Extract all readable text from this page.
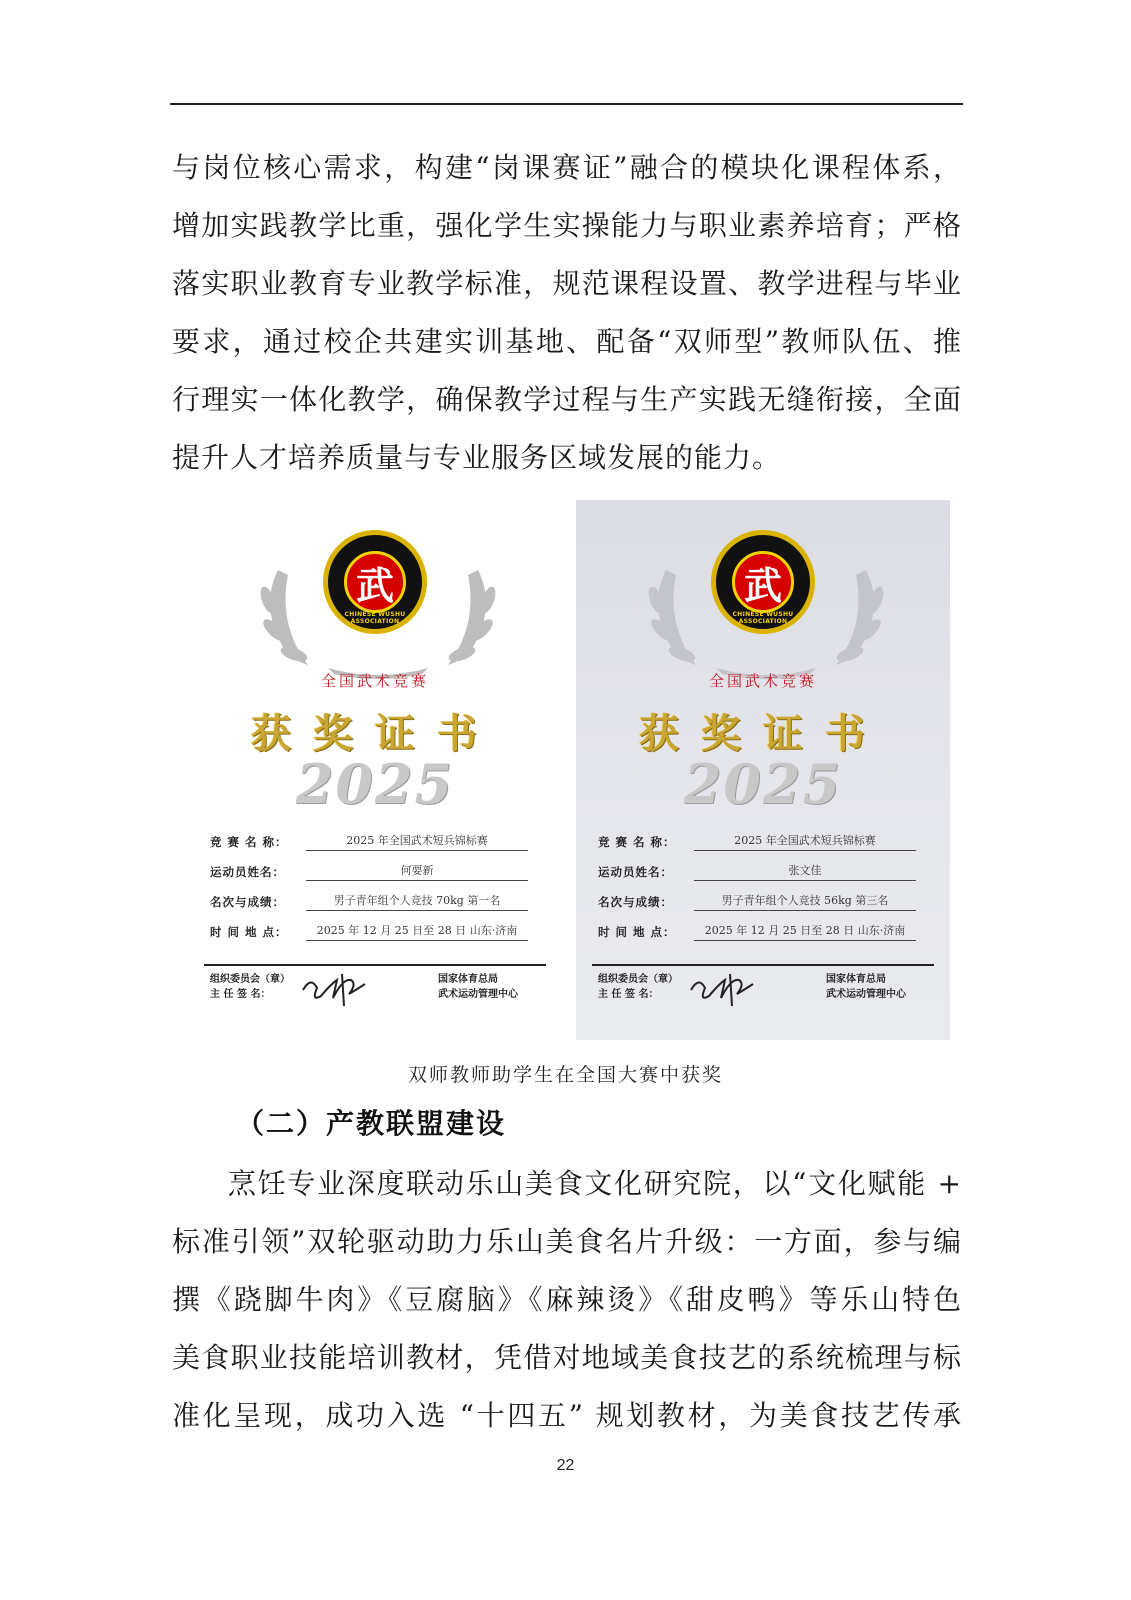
与岗位核心需求，构建“岗课赛证”融合的模块化课程体系，
增加实践教学比重，强化学生实操能力与职业素养培育；严格
落实职业教育专业教学标准，规范课程设置、教学进程与毕业
要求，通过校企共建实训基地、配备“双师型”教师队伍、推
行理实一体化教学，确保教学过程与生产实践无缝衔接，全面
提升人才培养质量与专业服务区域发展的能力。

武
CHINESE WUSHU ASSOCIATION
全国武术竞赛
获奖证书
2025
竞 赛 名 称：	2025 年全国武术短兵锦标赛
运动员姓名：	何要新
名次与成绩：	男子青年组个人竞技 70kg 第一名
时 间 地 点：	2025 年 12 月 25 日至 28 日 山东·济南
组织委员会（章）
主 任 签 名：
国家体育总局
武术运动管理中心
武
CHINESE WUSHU ASSOCIATION
全国武术竞赛
获奖证书
2025
竞 赛 名 称：	2025 年全国武术短兵锦标赛
运动员姓名：	张文佳
名次与成绩：	男子青年组个人竞技 56kg 第三名
时 间 地 点：	2025 年 12 月 25 日至 28 日 山东·济南
组织委员会（章）
主 任 签 名：
国家体育总局
武术运动管理中心
双师教师助学生在全国大赛中获奖
（二）产教联盟建设

烹饪专业深度联动乐山美食文化研究院，以“文化赋能 +
标准引领”双轮驱动助力乐山美食名片升级：一方面，参与编
撰《跷脚牛肉》《豆腐脑》《麻辣烫》《甜皮鸭》等乐山特色
美食职业技能培训教材，凭借对地域美食技艺的系统梳理与标
准化呈现，成功入选 “十四五” 规划教材，为美食技艺传承

22
